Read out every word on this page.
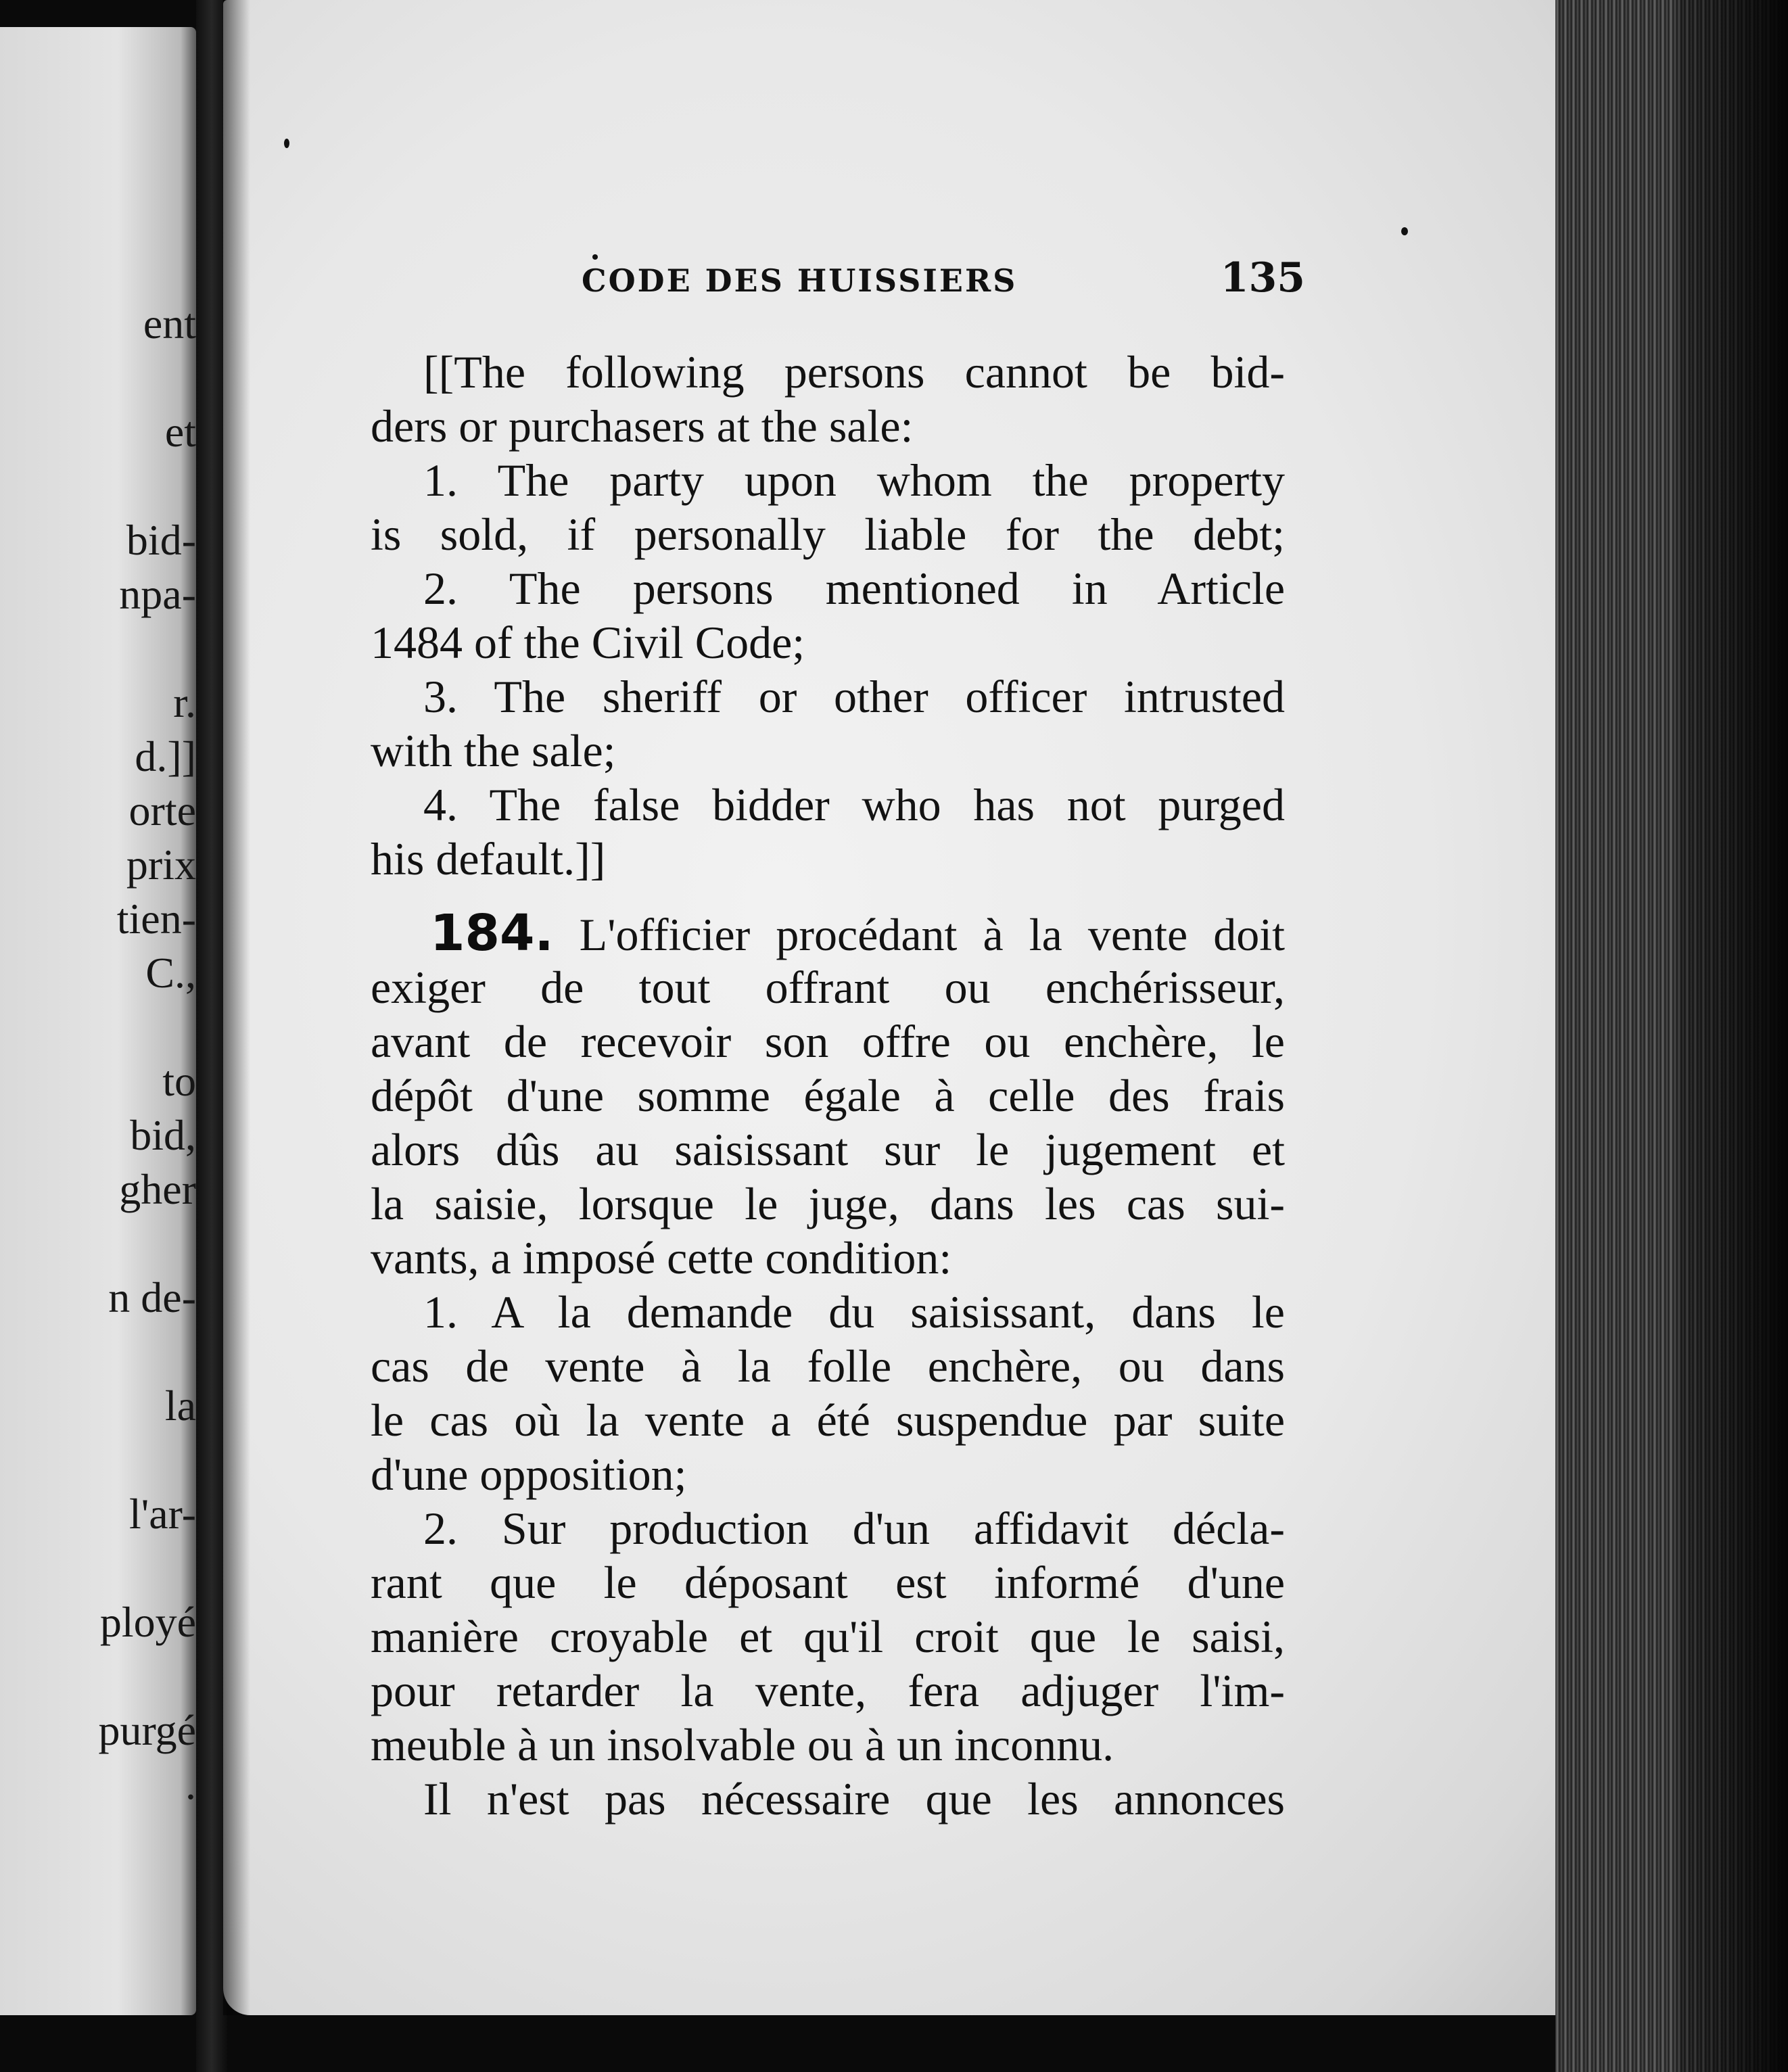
ent
et
bid-
npa-
r.
d.]]
orte
prix
tien-
C.,
to
bid,
gher
n de-
la
l'ar-
ployé
purgé
.
CODE DES HUISSIERS	135
[[The following persons cannot be bid-
ders or purchasers at the sale:
1. The party upon whom the property
is sold, if personally liable for the debt;
2. The persons mentioned in Article
1484 of the Civil Code;
3. The sheriff or other officer intrusted
with the sale;
4. The false bidder who has not purged
his default.]]
184. L'officier procédant à la vente doit
exiger de tout offrant ou enchérisseur,
avant de recevoir son offre ou enchère, le
dépôt d'une somme égale à celle des frais
alors dûs au saisissant sur le jugement et
la saisie, lorsque le juge, dans les cas sui-
vants, a imposé cette condition:
1. A la demande du saisissant, dans le
cas de vente à la folle enchère, ou dans
le cas où la vente a été suspendue par suite
d'une opposition;
2. Sur production d'un affidavit décla-
rant que le déposant est informé d'une
manière croyable et qu'il croit que le saisi,
pour retarder la vente, fera adjuger l'im-
meuble à un insolvable ou à un inconnu.
Il n'est pas nécessaire que les annonces
